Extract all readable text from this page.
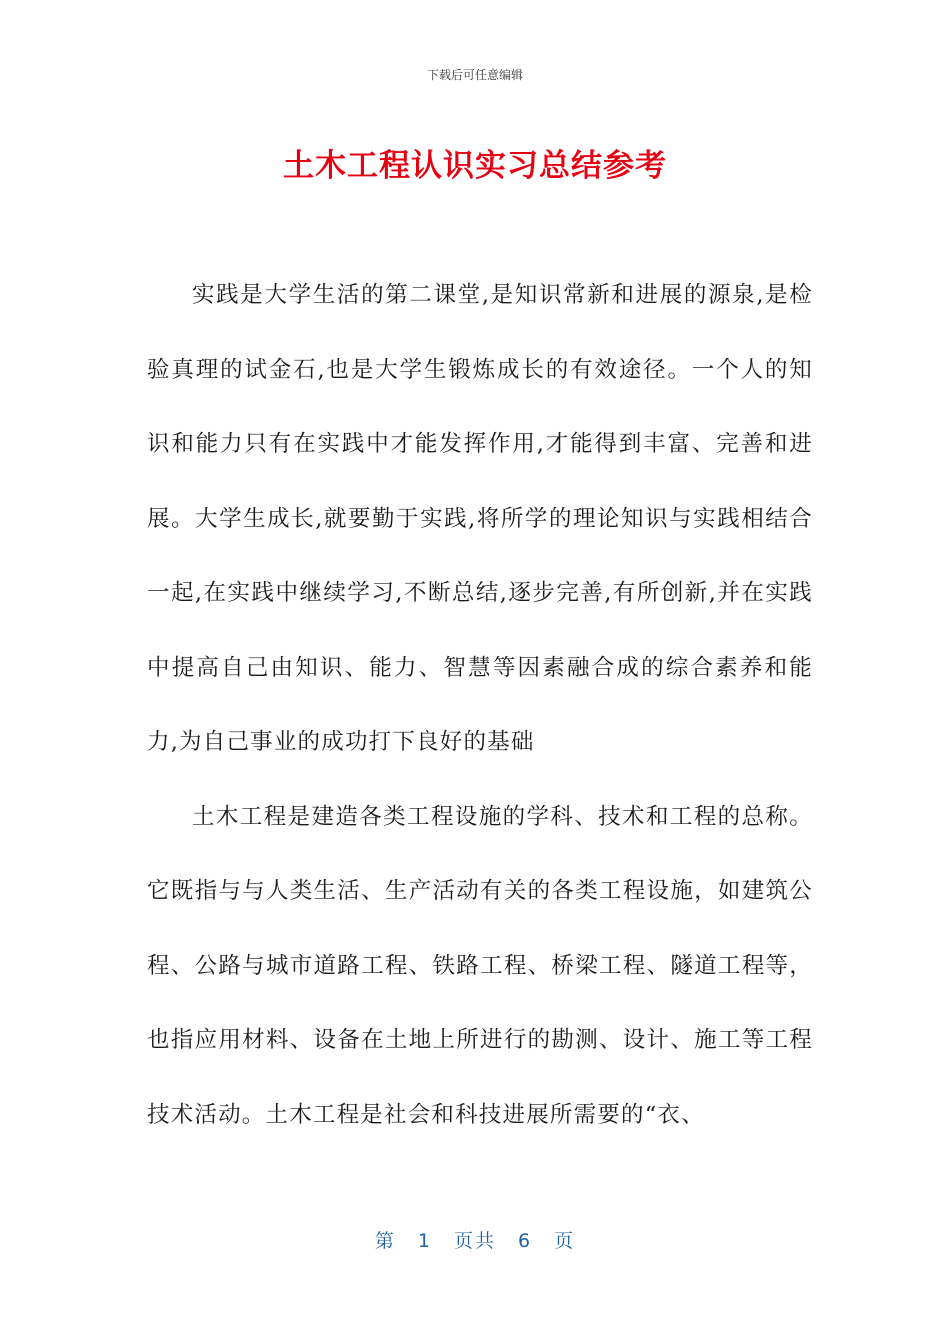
下载后可任意编辑
土木工程认识实习总结参考

实践是大学生活的第二课堂,是知识常新和进展的源泉,是检验真理的试金石,也是大学生锻炼成长的有效途径。一个人的知识和能力只有在实践中才能发挥作用,才能得到丰富、完善和进展。大学生成长,就要勤于实践,将所学的理论知识与实践相结合一起,在实践中继续学习,不断总结,逐步完善,有所创新,并在实践中提高自己由知识、能力、智慧等因素融合成的综合素养和能力,为自己事业的成功打下良好的基础

土木工程是建造各类工程设施的学科、技术和工程的总称。它既指与与人类生活、生产活动有关的各类工程设施，如建筑公程、公路与城市道路工程、铁路工程、桥梁工程、隧道工程等，也指应用材料、设备在土地上所进行的勘测、设计、施工等工程技术活动。土木工程是社会和科技进展所需要的“衣、

第 1 页共 6 页
